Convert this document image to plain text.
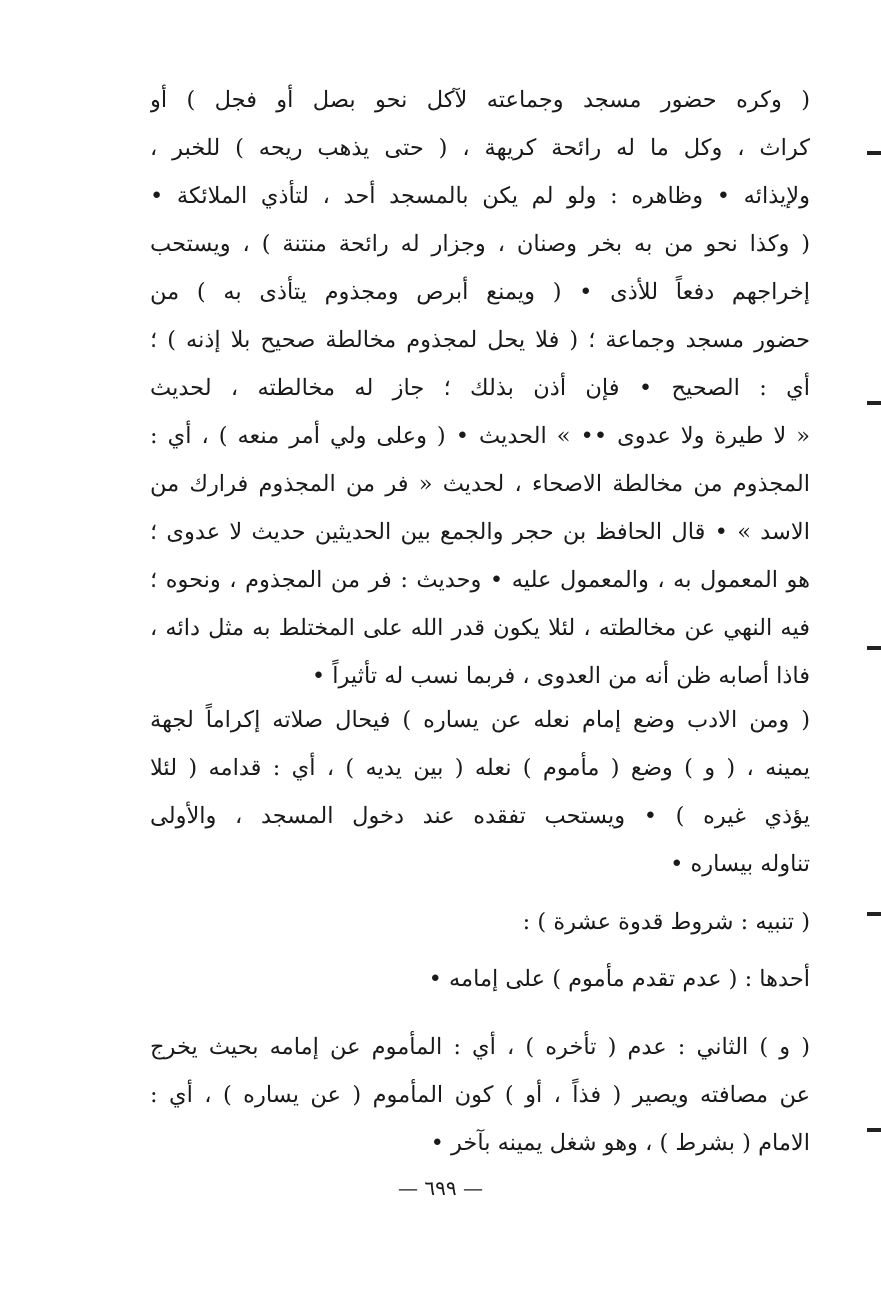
( وكره حضور مسجد وجماعته لآكل نحو بصل أو فجل ) أو
كراث ، وكل ما له رائحة كريهة ، ( حتى يذهب ريحه ) للخبر ،
ولإيذائه • وظاهره : ولو لم يكن بالمسجد أحد ، لتأذي الملائكة •
( وكذا نحو من به بخر وصنان ، وجزار له رائحة منتنة ) ، ويستحب
إخراجهم دفعاً للأذى • ( ويمنع أبرص ومجذوم يتأذى به ) من
حضور مسجد وجماعة ؛ ( فلا يحل لمجذوم مخالطة صحيح بلا إذنه ) ؛
أي : الصحيح • فإن أذن بذلك ؛ جاز له مخالطته ، لحديث
« لا طيرة ولا عدوى •• » الحديث • ( وعلى ولي أمر منعه ) ، أي :
المجذوم من مخالطة الاصحاء ، لحديث « فر من المجذوم فرارك من
الاسد » • قال الحافظ بن حجر والجمع بين الحديثين حديث لا عدوى ؛
هو المعمول به ، والمعمول عليه • وحديث : فر من المجذوم ، ونحوه ؛
فيه النهي عن مخالطته ، لئلا يكون قدر الله على المختلط به مثل دائه ،
فاذا أصابه ظن أنه من العدوى ، فربما نسب له تأثيراً •
( ومن الادب وضع إمام نعله عن يساره ) فيحال صلاته إكراماً لجهة
يمينه ، ( و ) وضع ( مأموم ) نعله ( بين يديه ) ، أي : قدامه ( لئلا
يؤذي غيره ) • ويستحب تفقده عند دخول المسجد ، والأولى
تناوله بيساره •
( تنبيه : شروط قدوة عشرة ) :
أحدها : ( عدم تقدم مأموم ) على إمامه •
( و ) الثاني : عدم ( تأخره ) ، أي : المأموم عن إمامه بحيث يخرج
عن مصافته ويصير ( فذاً ، أو ) كون المأموم ( عن يساره ) ، أي :
الامام ( بشرط ) ، وهو شغل يمينه بآخر •
— ٦٩٩ —
